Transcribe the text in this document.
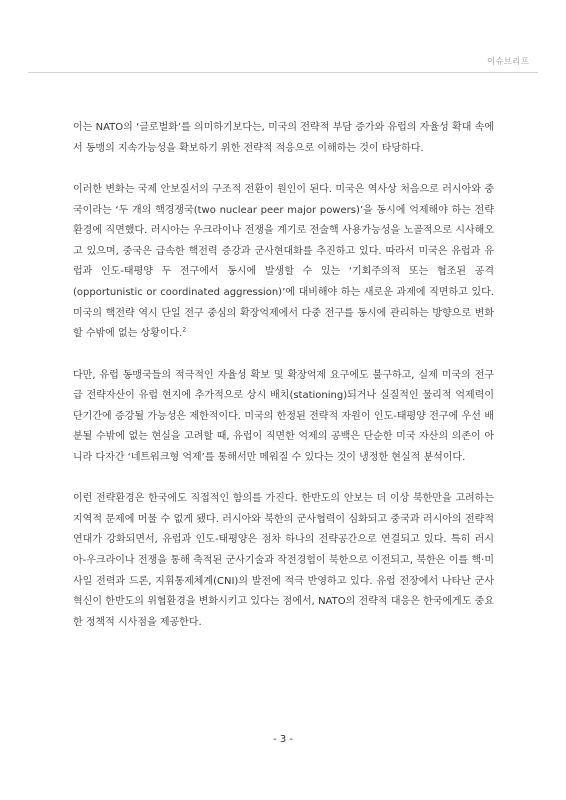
이슈브리프

이는 NATO의 ‘글로벌화’를 의미하기보다는, 미국의 전략적 부담 증가와 유럽의 자율성 확대 속에서 동맹의 지속가능성을 확보하기 위한 전략적 적응으로 이해하는 것이 타당하다.

이러한 변화는 국제 안보질서의 구조적 전환이 원인이 된다. 미국은 역사상 처음으로 러시아와 중국이라는 ‘두 개의 핵경쟁국(two nuclear peer major powers)’을 동시에 억제해야 하는 전략환경에 직면했다. 러시아는 우크라이나 전쟁을 계기로 전술핵 사용가능성을 노골적으로 시사해오고 있으며, 중국은 급속한 핵전력 증강과 군사현대화를 추진하고 있다. 따라서 미국은 유럽과 유럽과 인도-태평양 두 전구에서 동시에 발생할 수 있는 ‘기회주의적 또는 협조된 공격(opportunistic or coordinated aggression)’에 대비해야 하는 새로운 과제에 직면하고 있다. 미국의 핵전략 역시 단일 전구 중심의 확장억제에서 다중 전구를 동시에 관리하는 방향으로 변화할 수밖에 없는 상황이다.$^2$

다만, 유럽 동맹국들의 적극적인 자율성 확보 및 확장억제 요구에도 불구하고, 실제 미국의 전구급 전략자산이 유럽 현지에 추가적으로 상시 배치(stationing)되거나 실질적인 물리적 억제력이 단기간에 증강될 가능성은 제한적이다. 미국의 한정된 전략적 자원이 인도-태평양 전구에 우선 배분될 수밖에 없는 현실을 고려할 때, 유럽이 직면한 억제의 공백은 단순한 미국 자산의 의존이 아니라 다자간 ‘네트워크형 억제’를 통해서만 메워질 수 있다는 것이 냉정한 현실적 분석이다.

이런 전략환경은 한국에도 직접적인 함의를 가진다. 한반도의 안보는 더 이상 북한만을 고려하는 지역적 문제에 머물 수 없게 됐다. 러시아와 북한의 군사협력이 심화되고 중국과 러시아의 전략적 연대가 강화되면서, 유럽과 인도-태평양은 점차 하나의 전략공간으로 연결되고 있다. 특히 러시아-우크라이나 전쟁을 통해 축적된 군사기술과 작전경험이 북한으로 이전되고, 북한은 이를 핵·미사일 전력과 드론, 지휘통제체계(CNI)의 발전에 적극 반영하고 있다. 유럽 전장에서 나타난 군사혁신이 한반도의 위협환경을 변화시키고 있다는 점에서, NATO의 전략적 대응은 한국에게도 중요한 정책적 시사점을 제공한다.

- 3 -
